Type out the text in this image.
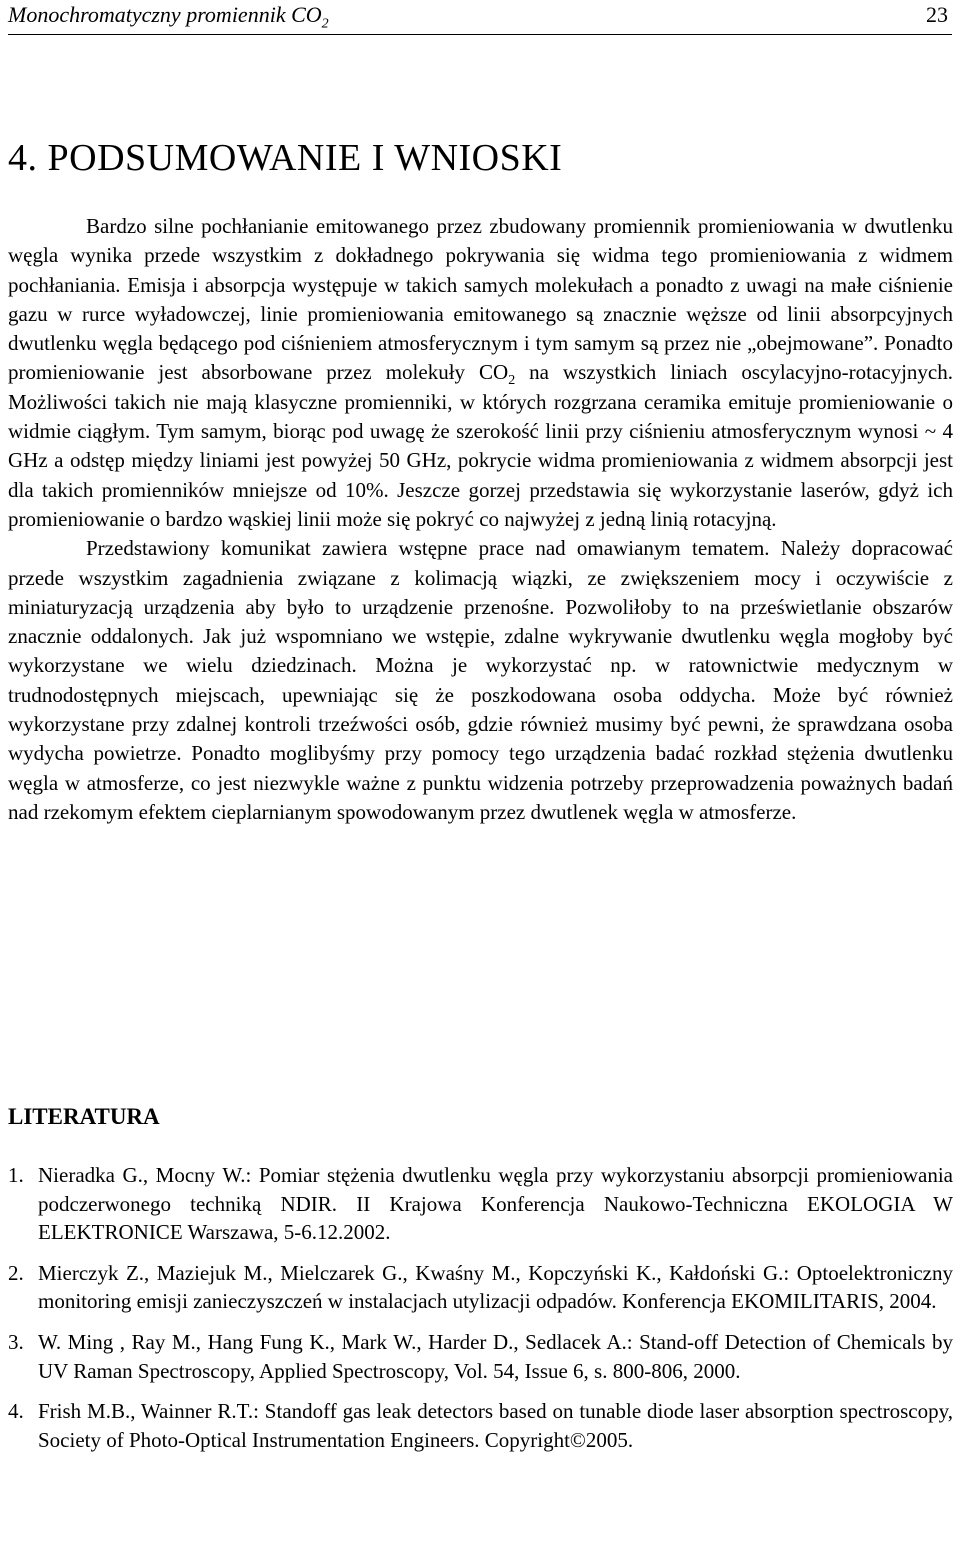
Monochromatyczny promiennik $CO_2$	23
4. PODSUMOWANIE I WNIOSKI

Bardzo silne pochłanianie emitowanego przez zbudowany promiennik promieniowania w dwutlenku węgla wynika przede wszystkim z dokładnego pokrywania się widma tego promieniowania z widmem pochłaniania. Emisja i absorpcja występuje w takich samych molekułach a ponadto z uwagi na małe ciśnienie gazu w rurce wyładowczej, linie promieniowania emitowanego są znacznie węższe od linii absorpcyjnych dwutlenku węgla będącego pod ciśnieniem atmosferycznym i tym samym są przez nie „obejmowane”. Ponadto promieniowanie jest absorbowane przez molekuły $CO_2$ na wszystkich liniach oscylacyjno-rotacyjnych. Możliwości takich nie mają klasyczne promienniki, w których rozgrzana ceramika emituje promieniowanie o widmie ciągłym. Tym samym, biorąc pod uwagę że szerokość linii przy ciśnieniu atmosferycznym wynosi ~ 4 GHz a odstęp między liniami jest powyżej 50 GHz, pokrycie widma promieniowania z widmem absorpcji jest dla takich promienników mniejsze od 10%. Jeszcze gorzej przedstawia się wykorzystanie laserów, gdyż ich promieniowanie o bardzo wąskiej linii może się pokryć co najwyżej z jedną linią rotacyjną.

Przedstawiony komunikat zawiera wstępne prace nad omawianym tematem. Należy dopracować przede wszystkim zagadnienia związane z kolimacją wiązki, ze zwiększeniem mocy i oczywiście z miniaturyzacją urządzenia aby było to urządzenie przenośne. Pozwoliłoby to na prześwietlanie obszarów znacznie oddalonych. Jak już wspomniano we wstępie, zdalne wykrywanie dwutlenku węgla mogłoby być wykorzystane we wielu dziedzinach. Można je wykorzystać np. w ratownictwie medycznym w trudnodostępnych miejscach, upewniając się że poszkodowana osoba oddycha. Może być również wykorzystane przy zdalnej kontroli trzeźwości osób, gdzie również musimy być pewni, że sprawdzana osoba wydycha powietrze. Ponadto moglibyśmy przy pomocy tego urządzenia badać rozkład stężenia dwutlenku węgla w atmosferze, co jest niezwykle ważne z punktu widzenia potrzeby przeprowadzenia poważnych badań nad rzekomym efektem cieplarnianym spowodowanym przez dwutlenek węgla w atmosferze.

LITERATURA
1. Nieradka G., Mocny W.: Pomiar stężenia dwutlenku węgla przy wykorzystaniu absorpcji promieniowania podczerwonego techniką NDIR. II Krajowa Konferencja Naukowo-Techniczna EKOLOGIA W ELEKTRONICE Warszawa, 5-6.12.2002.
2. Mierczyk Z., Maziejuk M., Mielczarek G., Kwaśny M., Kopczyński K., Kałdoński G.: Optoelektroniczny monitoring emisji zanieczyszczeń w instalacjach utylizacji odpadów. Konferencja EKOMILITARIS, 2004.
3. W. Ming , Ray M., Hang Fung K., Mark W., Harder D., Sedlacek A.: Stand-off Detection of Chemicals by UV Raman Spectroscopy, Applied Spectroscopy, Vol. 54, Issue 6, s. 800-806, 2000.
4. Frish M.B., Wainner R.T.: Standoff gas leak detectors based on tunable diode laser absorption spectroscopy, Society of Photo-Optical Instrumentation Engineers. Copyright©2005.
